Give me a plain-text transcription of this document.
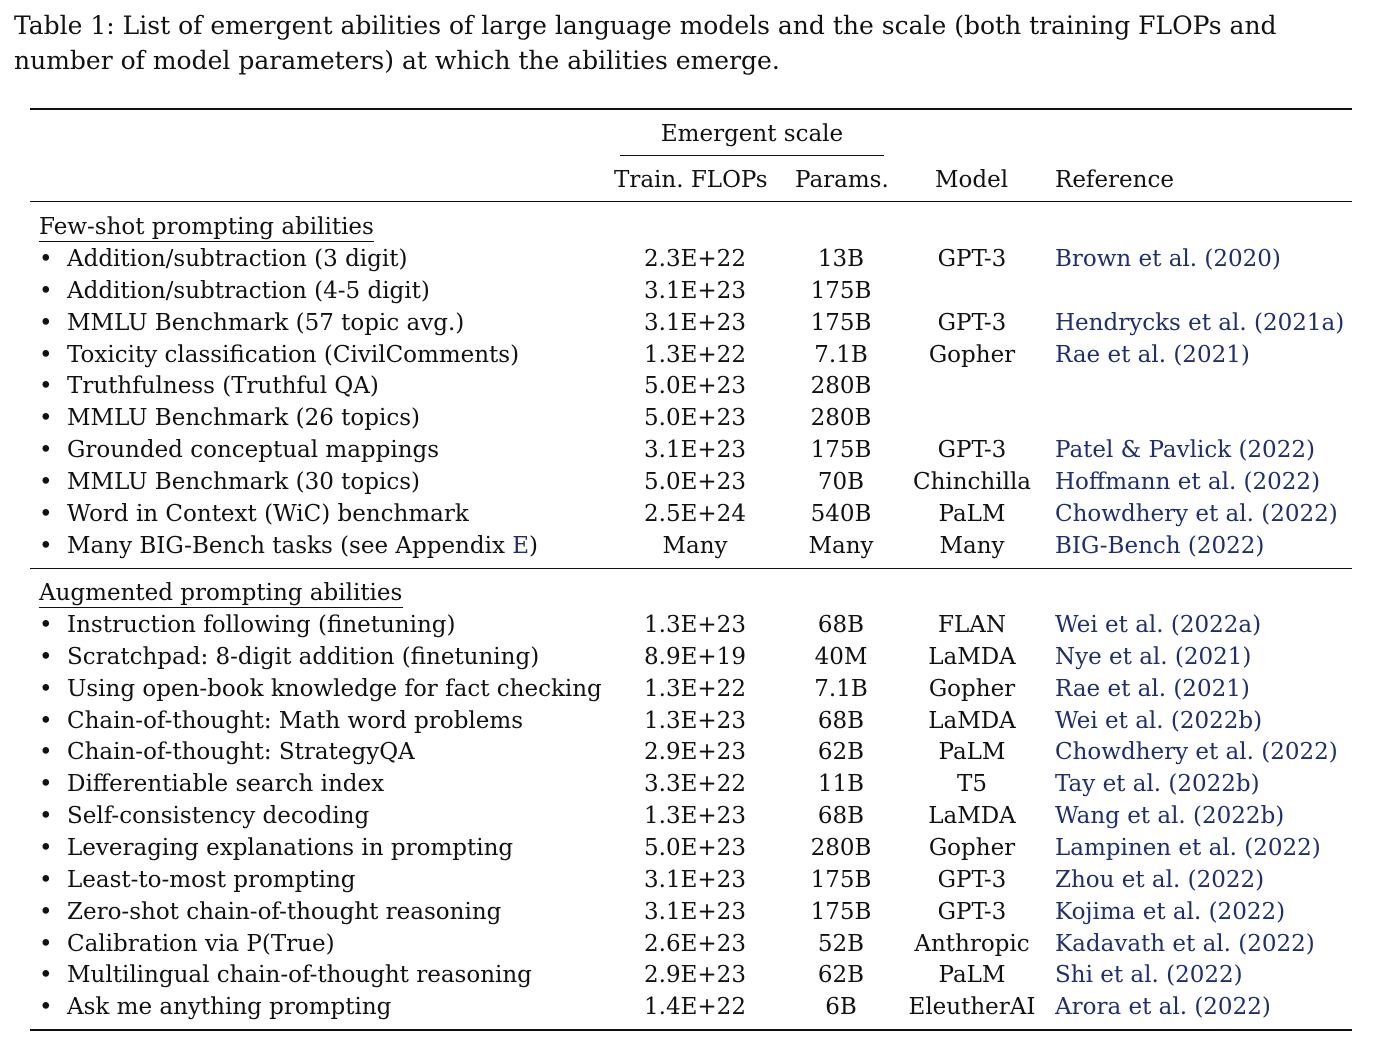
Table 1: List of emergent abilities of large language models and the scale (both training FLOPs and number of model parameters) at which the abilities emerge.
Emergent scale
Train. FLOPs Params. Model Reference
Few-shot prompting abilities
• Addition/subtraction (3 digit)	2.3E+22	13B	GPT-3	Brown et al. (2020)
• Addition/subtraction (4-5 digit)	3.1E+23	175B
• MMLU Benchmark (57 topic avg.)	3.1E+23	175B	GPT-3	Hendrycks et al. (2021a)
• Toxicity classification (CivilComments)	1.3E+22	7.1B	Gopher	Rae et al. (2021)
• Truthfulness (Truthful QA)	5.0E+23	280B
• MMLU Benchmark (26 topics)	5.0E+23	280B
• Grounded conceptual mappings	3.1E+23	175B	GPT-3	Patel & Pavlick (2022)
• MMLU Benchmark (30 topics)	5.0E+23	70B	Chinchilla	Hoffmann et al. (2022)
• Word in Context (WiC) benchmark	2.5E+24	540B	PaLM	Chowdhery et al. (2022)
• Many BIG-Bench tasks (see Appendix E)	Many	Many	Many	BIG-Bench (2022)
Augmented prompting abilities
• Instruction following (finetuning)	1.3E+23	68B	FLAN	Wei et al. (2022a)
• Scratchpad: 8-digit addition (finetuning)	8.9E+19	40M	LaMDA	Nye et al. (2021)
• Using open-book knowledge for fact checking	1.3E+22	7.1B	Gopher	Rae et al. (2021)
• Chain-of-thought: Math word problems	1.3E+23	68B	LaMDA	Wei et al. (2022b)
• Chain-of-thought: StrategyQA	2.9E+23	62B	PaLM	Chowdhery et al. (2022)
• Differentiable search index	3.3E+22	11B	T5	Tay et al. (2022b)
• Self-consistency decoding	1.3E+23	68B	LaMDA	Wang et al. (2022b)
• Leveraging explanations in prompting	5.0E+23	280B	Gopher	Lampinen et al. (2022)
• Least-to-most prompting	3.1E+23	175B	GPT-3	Zhou et al. (2022)
• Zero-shot chain-of-thought reasoning	3.1E+23	175B	GPT-3	Kojima et al. (2022)
• Calibration via P(True)	2.6E+23	52B	Anthropic	Kadavath et al. (2022)
• Multilingual chain-of-thought reasoning	2.9E+23	62B	PaLM	Shi et al. (2022)
• Ask me anything prompting	1.4E+22	6B	EleutherAI Arora et al. (2022)
